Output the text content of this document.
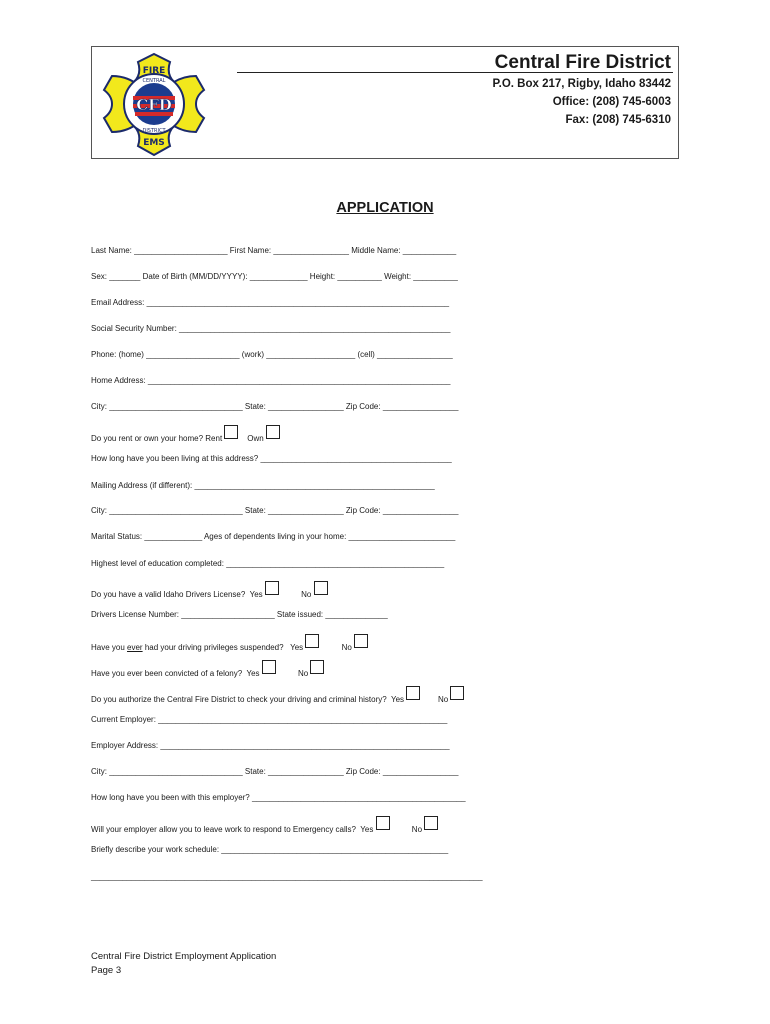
FIRE
CENTRAL
CFD
DISTRICT
EMS
Central Fire District
P.O. Box 217, Rigby, Idaho 83442
Office: (208) 745-6003
Fax: (208) 745-6310
APPLICATION
Last Name: _____________________ First Name: _________________ Middle Name: ____________
Sex: _______ Date of Birth (MM/DD/YYYY): _____________ Height: __________ Weight: __________
Email Address: ____________________________________________________________________
Social Security Number: _____________________________________________________________
Phone: (home) _____________________ (work) ____________________ (cell) _________________
Home Address: ____________________________________________________________________
City: ______________________________ State: _________________ Zip Code: _________________
Do you rent or own your home? Rent     Own
How long have you been living at this address? ___________________________________________
Mailing Address (if different): ______________________________________________________
City: ______________________________ State: _________________ Zip Code: _________________
Marital Status: _____________ Ages of dependents living in your home: ________________________
Highest level of education completed: _________________________________________________
Do you have a valid Idaho Drivers License?  Yes           No
Drivers License Number: _____________________ State issued: ______________
Have you ever had your driving privileges suspended?   Yes           No
Have you ever been convicted of a felony?  Yes           No
Do you authorize the Central Fire District to check your driving and criminal history?  Yes         No
Current Employer: _________________________________________________________________
Employer Address: _________________________________________________________________
City: ______________________________ State: _________________ Zip Code: _________________
How long have you been with this employer? ________________________________________________
Will your employer allow you to leave work to respond to Emergency calls?  Yes           No
Briefly describe your work schedule: ___________________________________________________
________________________________________________________________________________________
Central Fire District Employment Application
Page 3
